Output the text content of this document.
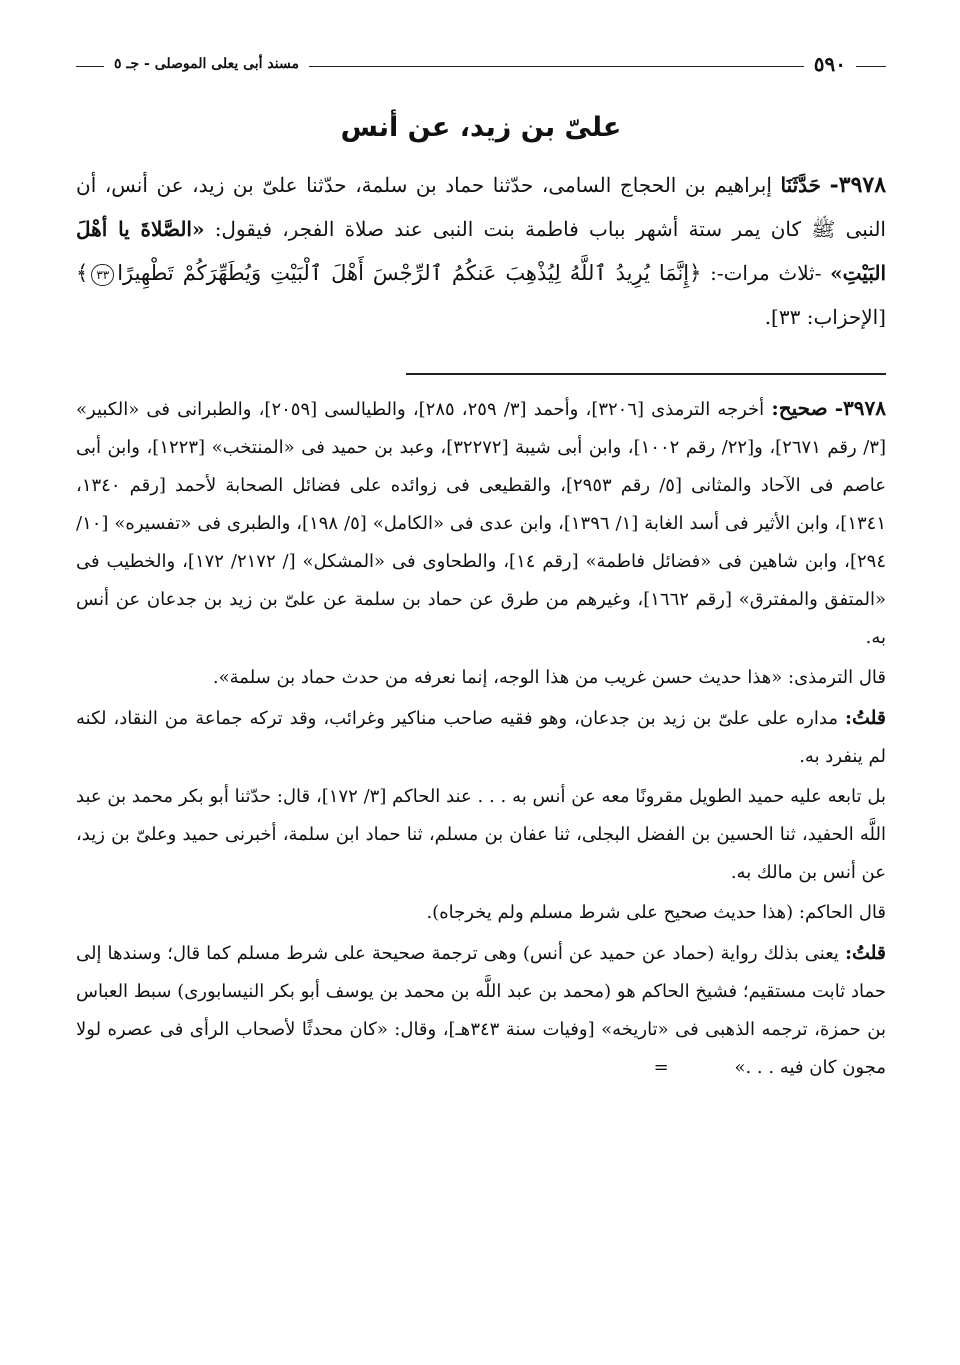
٥٩٠
مسند أبى يعلى الموصلى - جـ ٥
علىّ بن زيد، عن أنس
٣٩٧٨- حَدَّثَنَا إبراهيم بن الحجاج السامى، حدّثنا حماد بن سلمة، حدّثنا علىّ بن زيد، عن أنس، أن النبى ﷺ كان يمر ستة أشهر بباب فاطمة بنت النبى عند صلاة الفجر، فيقول: «الصَّلاةَ يا أهْلَ البَيْتِ» -ثلاث مرات-: ﴿إِنَّمَا يُرِيدُ ٱللَّهُ لِيُذْهِبَ عَنكُمُ ٱلرِّجْسَ أَهْلَ ٱلْبَيْتِ وَيُطَهِّرَكُمْ تَطْهِيرًا٣٣﴾ [الإحزاب: ٣٣].

٣٩٧٨- صحيح: أخرجه الترمذى [٣٢٠٦]، وأحمد [٣/ ٢٥٩، ٢٨٥]، والطيالسى [٢٠٥٩]، والطبرانى فى «الكبير» [٣/ رقم ٢٦٧١]، و[٢٢/ رقم ١٠٠٢]، وابن أبى شيبة [٣٢٢٧٢]، وعبد بن حميد فى «المنتخب» [١٢٢٣]، وابن أبى عاصم فى الآحاد والمثانى [٥/ رقم ٢٩٥٣]، والقطيعى فى زوائده على فضائل الصحابة لأحمد [رقم ١٣٤٠، ١٣٤١]، وابن الأثير فى أسد الغابة [١/ ١٣٩٦]، وابن عدى فى «الكامل» [٥/ ١٩٨]، والطبرى فى «تفسيره» [١٠/ ٢٩٤]، وابن شاهين فى «فضائل فاطمة» [رقم ١٤]، والطحاوى فى «المشكل» [/ ٢١٧٢/ ١٧٢]، والخطيب فى «المتفق والمفترق» [رقم ١٦٦٢]، وغيرهم من طرق عن حماد بن سلمة عن علىّ بن زيد بن جدعان عن أنس به.

قال الترمذى: «هذا حديث حسن غريب من هذا الوجه، إنما نعرفه من حدث حماد بن سلمة».

قلتُ: مداره على علىّ بن زيد بن جدعان، وهو فقيه صاحب مناكير وغرائب، وقد تركه جماعة من النقاد، لكنه لم ينفرد به.

بل تابعه عليه حميد الطويل مقرونًا معه عن أنس به . . . عند الحاكم [٣/ ١٧٢]، قال: حدّثنا أبو بكر محمد بن عبد اللَّه الحفيد، ثنا الحسين بن الفضل البجلى، ثنا عفان بن مسلم، ثنا حماد ابن سلمة، أخبرنى حميد وعلىّ بن زيد، عن أنس بن مالك به.

قال الحاكم: (هذا حديث صحيح على شرط مسلم ولم يخرجاه).

قلتُ: يعنى بذلك رواية (حماد عن حميد عن أنس) وهى ترجمة صحيحة على شرط مسلم كما قال؛ وسندها إلى حماد ثابت مستقيم؛ فشيخ الحاكم هو (محمد بن عبد اللَّه بن محمد بن يوسف أبو بكر النيسابورى) سبط العباس بن حمزة، ترجمه الذهبى فى «تاريخه» [وفيات سنة ٣٤٣هـ]، وقال: «كان محدثًا لأصحاب الرأى فى عصره لولا مجون كان فيه . . .» =
